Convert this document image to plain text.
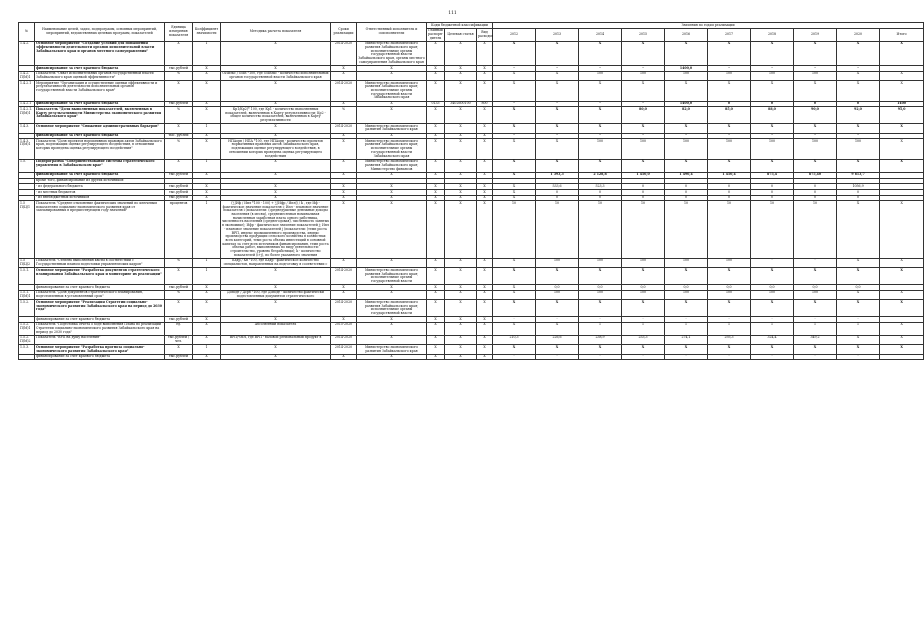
111
№	Наименование целей, задач, подпрограмм, основных мероприятий, мероприятий, ведомственных целевых программ, показателей	Единица измерения показателя	Коэффициент значимости	Методика расчета показателя	Сроки реализации	Ответственный исполнитель и соисполнители	Коды бюджетной классификации			Значения по годам реализации									
							Главный распоря-дитель	Целевая статья	Вид расходов	2012	2013	2014	2015	2016	2017	2018	2019	2020	Итого
1.4.2.	Основное мероприятие "Создание условий для повышения эффективности деятельности органов исполнительной власти Забайкальского края и органов местного самоуправления"	X	1	X	2014-2020	Министерство экономического развития Забайкальского края; исполнительные органы государственной власти Забайкальского края, органы местного самоуправления Забайкальского края	X	X	X	X	X	X	X	X	X	X	X	X	X
	финансирование за счет краевого бюджета	тыс.рублей	X	X	X	X	X	X	X	-	-	-	-	1400,0	-	-	-	-	
1.4.2. П(М)1	Показатель "Охват исполнительных органов государственной власти Забайкальского края оценкой эффективности"	%	X	ОИВэкс / ОИВ *100, где ОИВэкс - количество исполнительных органов государственной власти Забайкальского края	X	X	X	X	X	X	X	100	100	100	100	100	100	X	X
1.4.2.1	Мероприятие "Организация и осуществление оценки эффективности и результативности деятельности исполнительных органов государственной власти Забайкальского края"	X	X	X	2014-2020	Министерство экономического развития Забайкальского края; исполнительные органы государственной власти Забайкальского края	X	X	X	X	X	X	X	X	X	X	X	X	X
1.4.2.1	финансирование за счет краевого бюджета	тыс.рублей	X	X	X	X	0133	3402600100	800	-	-	-	-	1400,0	0	0	0	0	1400
1.4.2.1. П(М)1	Показатель "Доля выполненных показателей, включенных в Карту результативности Министерства экономического развития Забайкальского края"	%	X	Кр1/Кр2)* 100, где Кр1 - количество выполненных показателей, включенных в Карту результативности; Кр2 - общее количество показателей, включенных в Карту результативности	%	X	X	X	X	X	X	X	80,0	82,0	85,0	88,0	90,0	92,0	95,0
1.4.3.	Основное мероприятие "Снижение административных барьеров"	X	1	X	2014-2020	Министерство экономического развития Забайкальского края	X	X	X	X	X	X	X	X	X	X	X	X	X
	финансирование за счет краевого бюджета	тыс. рублей	X	X	X	X	X	X	X	-	-	-	-	-	-	-	-	-	
1.4.3. П(М)1	Показатель "Доля проектов нормативных правовых актов Забайкальского края, подлежащих оценке регулирующего воздействия, в отношении которых проведена оценка регулирующего воздействия"	%	X	НПАорв / НПА *100, где НПАорв - количество проектов нормативных правовых актов Забайкальского края, подлежащих оценке регулирующего воздействия, в отношении которых проведена оценка регулирующего воздействия	X	Министерство экономического развития Забайкальского края; исполнительные органы государственной власти Забайкальского края	X	X	X	X	X	100	100	100	100	100	100	100	X
1.5.	Подпрограмма "Совершенствование системы стратегического управления в Забайкальском крае"	X	1	X	X	Министерство экономического развития Забайкальского края; Министерство финансов	X	X	X	X	X	X	X	X	X	X	X	X	X
	финансирование за счет краевого бюджета	тыс.рублей	X	X	X	X	X	X	X	X	1 393,3	2 128,8	1 450,0	1 490,4	1 450,4	875,4	875,40	9 613,7	
	кроме того, финансирование из других источников:																		
	- из федерального бюджета	тыс.рублей	X	X	X	X	X	X	X	X	533,6	523,3	0	0	0	0	0	1056,9	
	- из местных бюджетов	тыс.рублей	X	X	X	X	X	X	X	X	0	0	0	0	0	0	0	0	
	- из внебюджетных источников	тыс.рублей	X	X	X	X	X	X	X	X	0	0	0	0	0	0	0	0	
1.5 П(Ц)1	Показатель "Среднее отклонение фактических значений по ключевым показателям социально-экономического развития края от запланированных в предшествующем году значений"	процентов	1	(∑|Иф / Ипл *100 - 100| + ∑|Ифр / Ипл|) / k , где Иф - фактическое значение показателя i; Ипл - плановое значение показателя i (показатели: (среднедушевые денежные доходы населения (в месяц), среднемесячная номинальная начисленная заработная плата одного работника, численность населения (среднегодовая), численность занятых в экономике); Ифр - фактическое значение показателей j; Ипл - плановое значение показателей j (показатели: (темп роста ВРП, индекс промышленного производства, индекс производства продукции сельского хозяйства в хозяйствах всех категорий, темп роста объема инвестиций в основной капитал за счет всех источников финансирования, темп роста объема работ, выполненных по виду деятельности: строительство, уровень безработицы); k - количество показателей (i+j), по более указанного значения	X	X	X	X	X	10	10	10	10	10	10	10	10	X	X
1.5 П(Ц)2	Показатель "Степень выполнения квоты в соответствии с Государственным планом подготовки управленческих кадров"	%	1	Кадр / Кв *100, где Кадр - фактическое количество специалистов, направленных на подготовку в соответствии с	X	X	X	X	X	X	100	100	100	100	100	-	-	X	X
1.5.1.	Основное мероприятие "Разработка документов стратегического планирования Забайкальского края и мониторинг их реализации"	X	1	X	2014-2020	Министерство экономического развития Забайкальского края; исполнительные органы государственной власти	X	X	X	X	X	X	X	X	X	X	X	X	X
	финансирование за счет краевого бюджета	тыс.рублей	X	X	X	X	X	X	X	X	0,0	0,0	0,0	0,0	0,0	0,0	0,0	0,0	
1.5.1. П(М)1	Показатель "Доля документов стратегического планирования, подготовленных в установленный срок"	%	X	Доподг / Дсрб *100, где Доподг - количество фактически подготовленных документов стратегического	X	X	X	X	X	X	100	100	100	100	100	100	100	X	X
1.5.2.	Основное мероприятие "Реализация Стратегии социально-экономического развития Забайкальского края на период до 2030 года"	X	X	X	2014-2020	Министерство экономического развития Забайкальского края; исполнительные органы государственной власти	X	X	X	X	X	X	X	X	X	X	X	X	X
	финансирование за счет краевого бюджета	тыс.рублей	X	X	X	X	X	X	X	-	-	-	-	-	-	-	-	-	
1.5.2. П(М)1	Показатель "Подготовка отчета о ходе выполнения Плана по реализации Стратегии социально-экономического развития Забайкальского края на период до 2030 года"	ед.	X	Абсолютный показатель	2015-2020	X	X	X	X	X	X	1	1	1	1	1	1	1	X
1.5.2. П(М)2	Показатель "ВРП на душу населения"	тыс.рублей / чел.	X	ВРП/ЧНН, где ВРП - валовой региональный продукт в	2014-2020	X	X	X	X	210,3	226,6	238,9	253,3	274,1	293,3	324,4	349,2	X	X
1.5.3.	Основное мероприятие "Разработка прогноза социально-экономического развития Забайкальского края"	X	1	X	2014-2020	Министерство экономического развития Забайкальского края	X	X	X	X	X	X	X	X	X	X	X	X	X
	финансирование за счет краевого бюджета	тыс.рублей	X	X	X	X	X	X	X	-	-	-	-	-	-	-	-	-	
